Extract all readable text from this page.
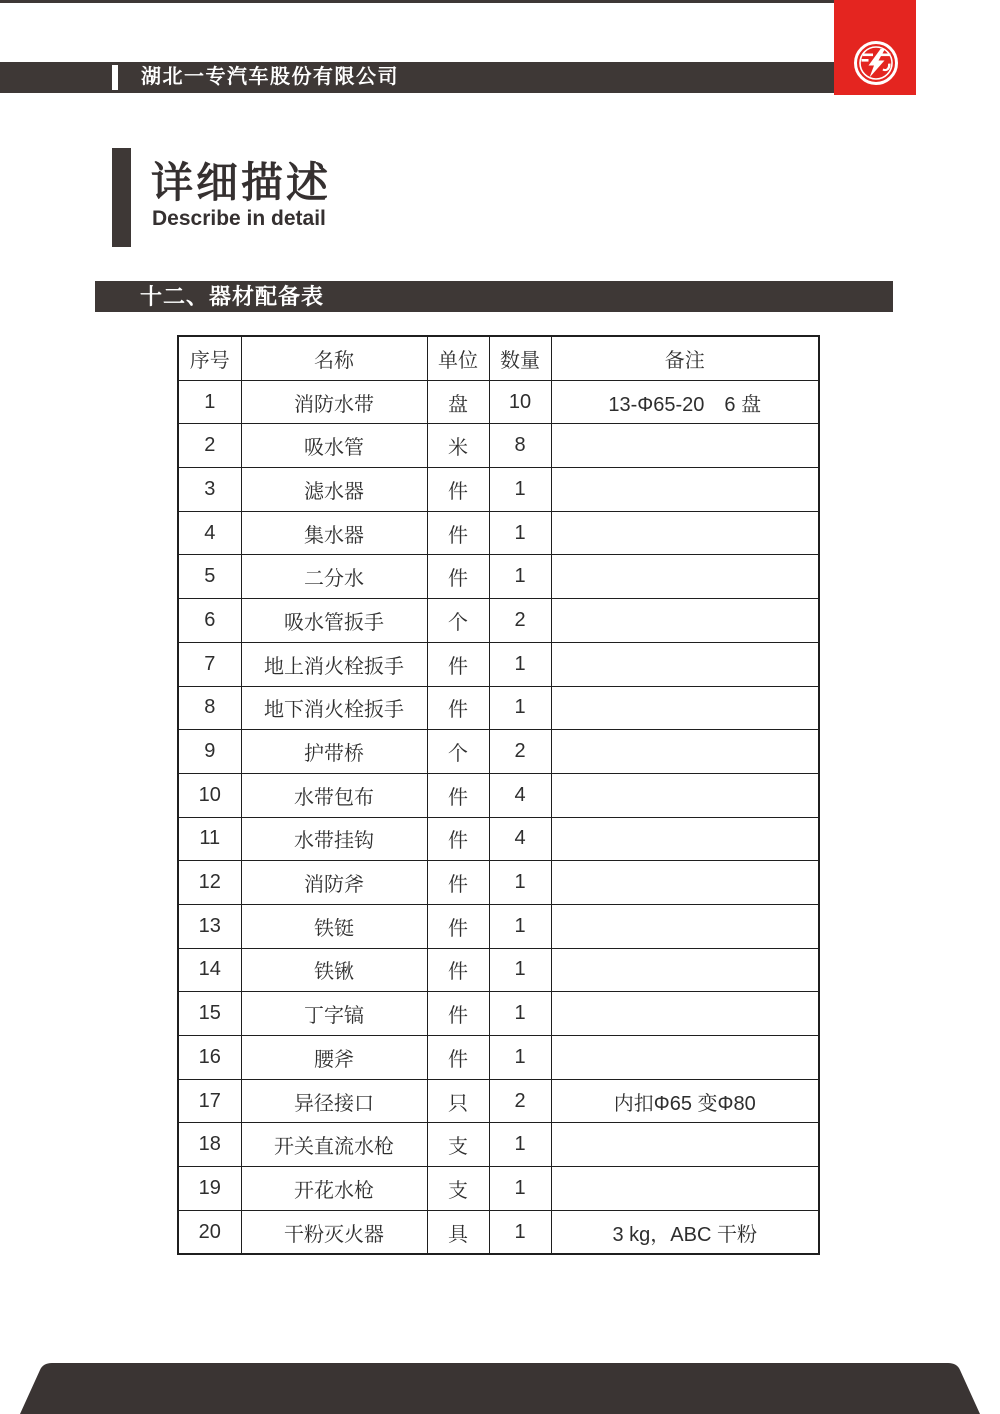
湖北一专汽车股份有限公司
详细描述
Describe in detail
十二、器材配备表
序号	名称	单位	数量	备注
1	消防水带	盘	10	13-Φ65-20　6 盘
2	吸水管	米	8	
3	滤水器	件	1	
4	集水器	件	1	
5	二分水	件	1	
6	吸水管扳手	个	2	
7	地上消火栓扳手	件	1	
8	地下消火栓扳手	件	1	
9	护带桥	个	2	
10	水带包布	件	4	
11	水带挂钩	件	4	
12	消防斧	件	1	
13	铁铤	件	1	
14	铁锹	件	1	
15	丁字镐	件	1	
16	腰斧	件	1	
17	异径接口	只	2	内扣Φ65 变Φ80
18	开关直流水枪	支	1	
19	开花水枪	支	1	
20	干粉灭火器	具	1	3 kg，ABC 干粉
